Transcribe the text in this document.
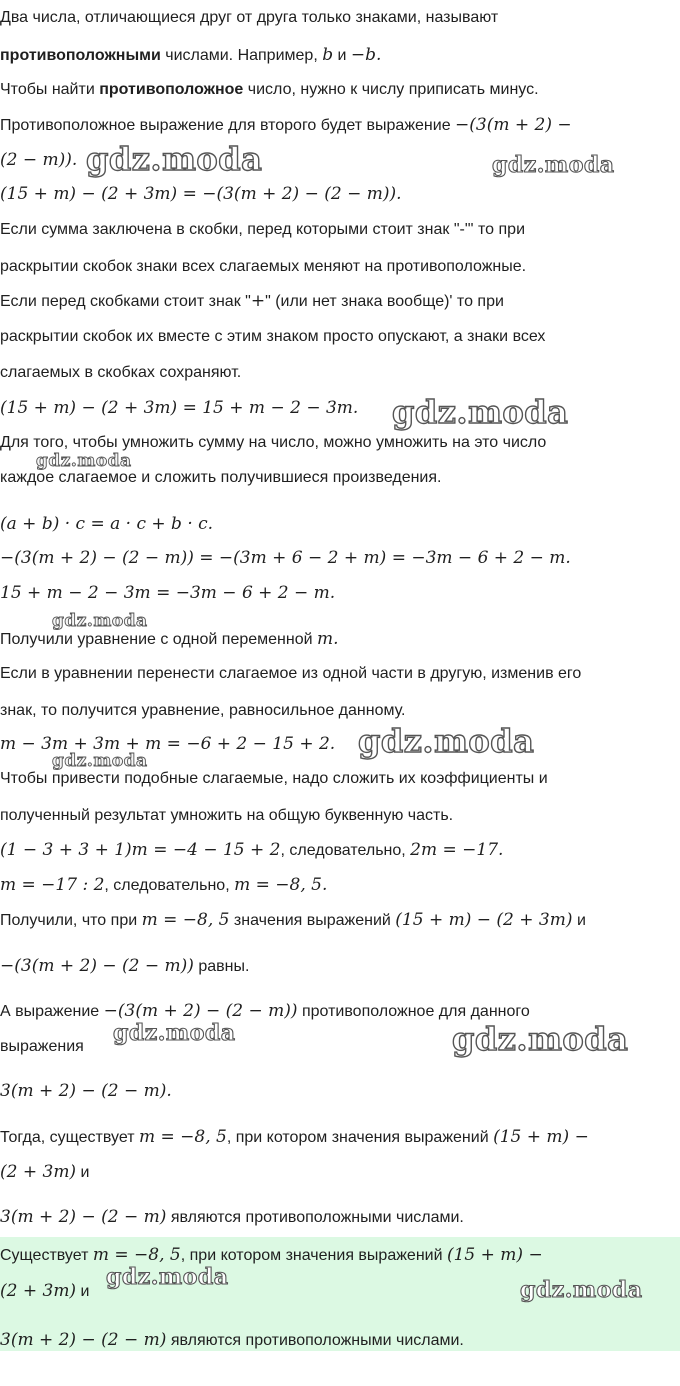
Два числа, отличающиеся друг от друга только знаками, называют
противоположными числами. Например, b и −b.
Чтобы найти противоположное число, нужно к числу приписать минус.
Противоположное выражение для второго будет выражение −(3(m + 2) −
(2 − m)).
(15 + m) − (2 + 3m) = −(3(m + 2) − (2 − m)).
Если сумма заключена в скобки, перед которыми стоит знак "-"' то при
раскрытии скобок знаки всех слагаемых меняют на противоположные.
Если перед скобками стоит знак "+" (или нет знака вообще)' то при
раскрытии скобок их вместе с этим знаком просто опускают, а знаки всех
слагаемых в скобках сохраняют.
(15 + m) − (2 + 3m) = 15 + m − 2 − 3m.
Для того, чтобы умножить сумму на число, можно умножить на это число
каждое слагаемое и сложить получившиеся произведения.
(a + b) · c = a · c + b · c.
−(3(m + 2) − (2 − m)) = −(3m + 6 − 2 + m) = −3m − 6 + 2 − m.
15 + m − 2 − 3m = −3m − 6 + 2 − m.
Получили уравнение с одной переменной m.
Если в уравнении перенести слагаемое из одной части в другую, изменив его
знак, то получится уравнение, равносильное данному.
m − 3m + 3m + m = −6 + 2 − 15 + 2.
Чтобы привести подобные слагаемые, надо сложить их коэффициенты и
полученный результат умножить на общую буквенную часть.
(1 − 3 + 3 + 1)m = −4 − 15 + 2, следовательно, 2m = −17.
m = −17 : 2, следовательно, m = −8, 5.
Получили, что при m = −8, 5 значения выражений (15 + m) − (2 + 3m) и
−(3(m + 2) − (2 − m)) равны.
А выражение −(3(m + 2) − (2 − m)) противоположное для данного
выражения
3(m + 2) − (2 − m).
Тогда, существует m = −8, 5, при котором значения выражений (15 + m) −
(2 + 3m) и
3(m + 2) − (2 − m) являются противоположными числами.
Существует m = −8, 5, при котором значения выражений (15 + m) −
(2 + 3m) и
3(m + 2) − (2 − m) являются противоположными числами.
gdz.moda	gdz.moda
gdz.moda
gdz.moda
gdz.moda
gdz.moda
gdz.moda
gdz.moda	gdz.moda
gdz.moda	gdz.moda
